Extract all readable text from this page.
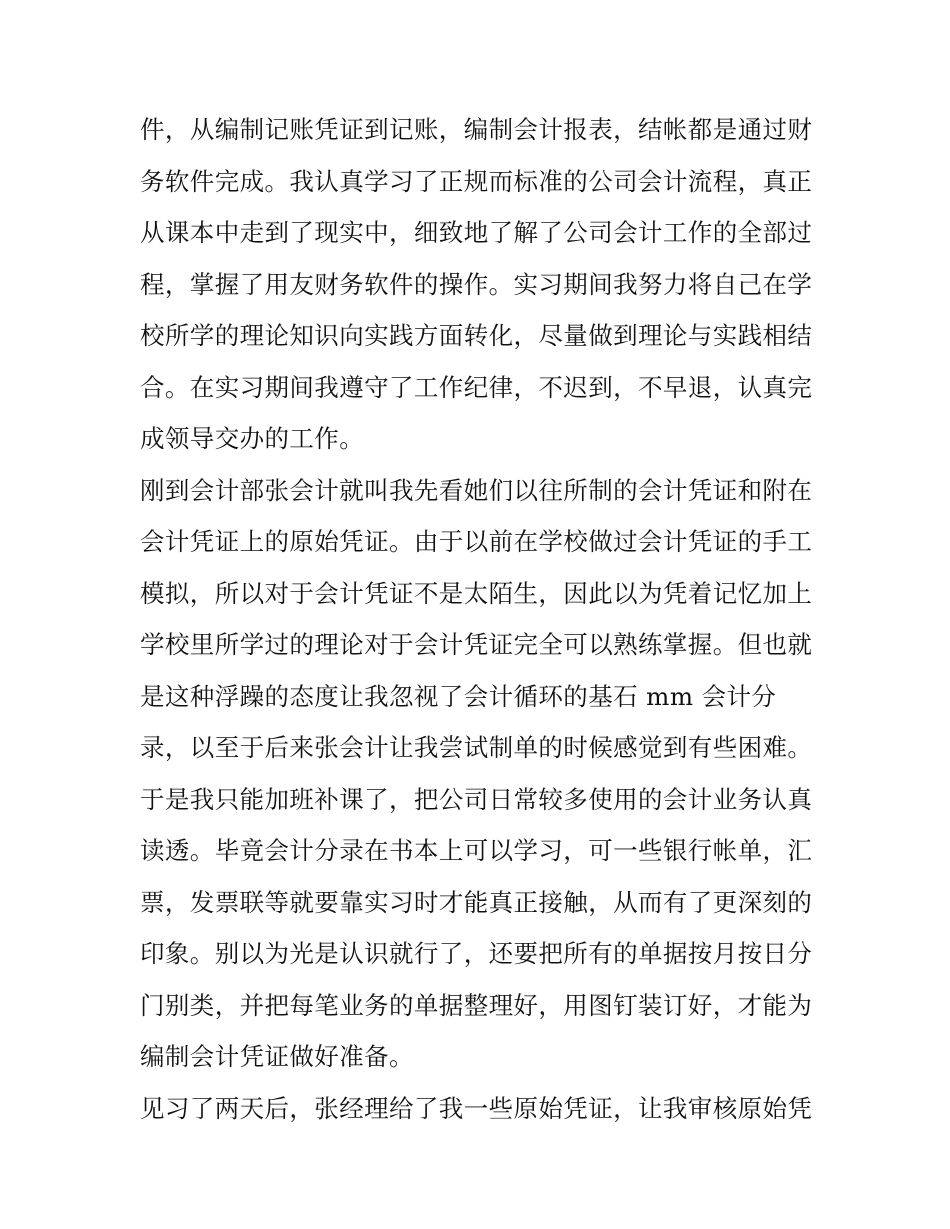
件，从编制记账凭证到记账，编制会计报表，结帐都是通过财
务软件完成。我认真学习了正规而标准的公司会计流程，真正
从课本中走到了现实中，细致地了解了公司会计工作的全部过
程，掌握了用友财务软件的操作。实习期间我努力将自己在学
校所学的理论知识向实践方面转化，尽量做到理论与实践相结
合。在实习期间我遵守了工作纪律，不迟到，不早退，认真完
成领导交办的工作。
刚到会计部张会计就叫我先看她们以往所制的会计凭证和附在
会计凭证上的原始凭证。由于以前在学校做过会计凭证的手工
模拟，所以对于会计凭证不是太陌生，因此以为凭着记忆加上
学校里所学过的理论对于会计凭证完全可以熟练掌握。但也就
是这种浮躁的态度让我忽视了会计循环的基石 mm 会计分
录，以至于后来张会计让我尝试制单的时候感觉到有些困难。
于是我只能加班补课了，把公司日常较多使用的会计业务认真
读透。毕竟会计分录在书本上可以学习，可一些银行帐单，汇
票，发票联等就要靠实习时才能真正接触，从而有了更深刻的
印象。别以为光是认识就行了，还要把所有的单据按月按日分
门别类，并把每笔业务的单据整理好，用图钉装订好，才能为
编制会计凭证做好准备。
见习了两天后，张经理给了我一些原始凭证，让我审核原始凭
